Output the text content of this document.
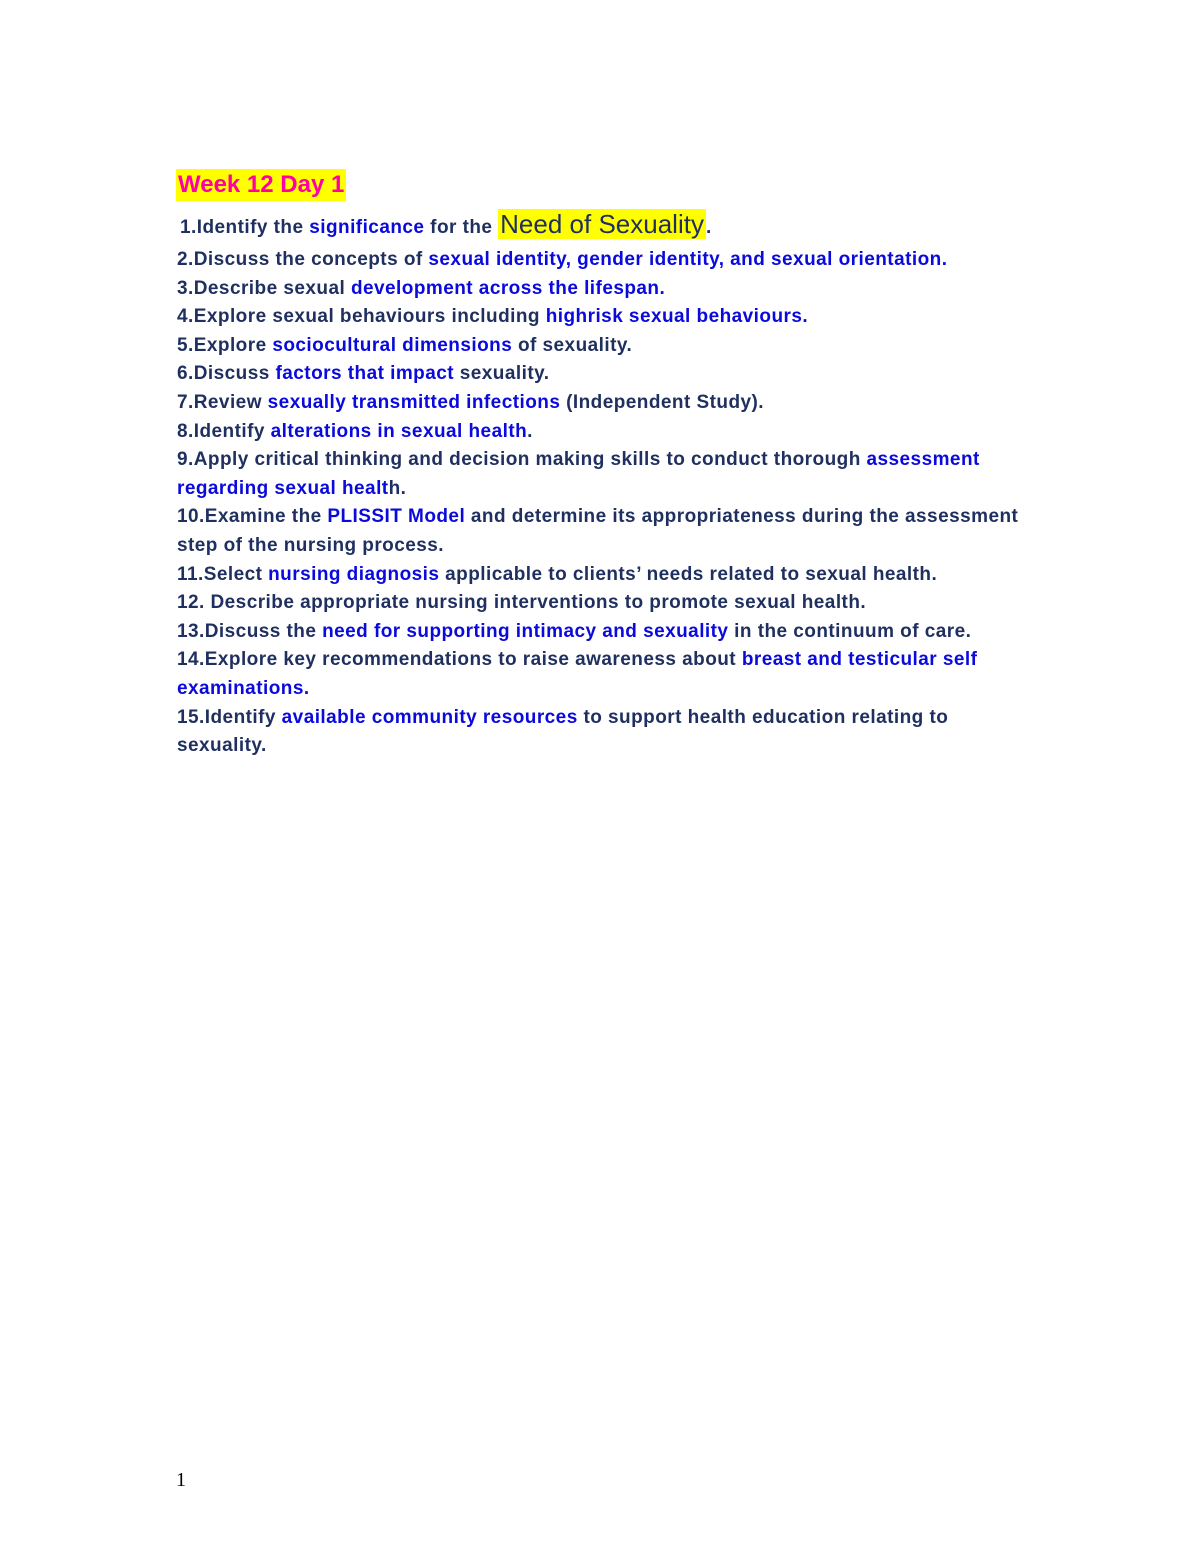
Week 12 Day 1
1.Identify the significance for the Need of Sexuality .
2.Discuss the concepts of sexual identity, gender identity, and sexual orientation.
3.Describe sexual development across the lifespan.
4.Explore sexual behaviours including highrisk sexual behaviours.
5.Explore sociocultural dimensions of sexuality.
6.Discuss factors that impact sexuality.
7.Review sexually transmitted infections (Independent Study).
8.Identify alterations in sexual health.
9.Apply critical thinking and decision making skills to conduct thorough assessment regarding sexual health.
10.Examine the PLISSIT Model and determine its appropriateness during the assessment step of the nursing process.
11.Select nursing diagnosis applicable to clients’ needs related to sexual health.
12. Describe appropriate nursing interventions to promote sexual health.
13.Discuss the need for supporting intimacy and sexuality in the continuum of care.
14.Explore key recommendations to raise awareness about breast and testicular self examinations.
15.Identify available community resources to support health education relating to sexuality.

1
